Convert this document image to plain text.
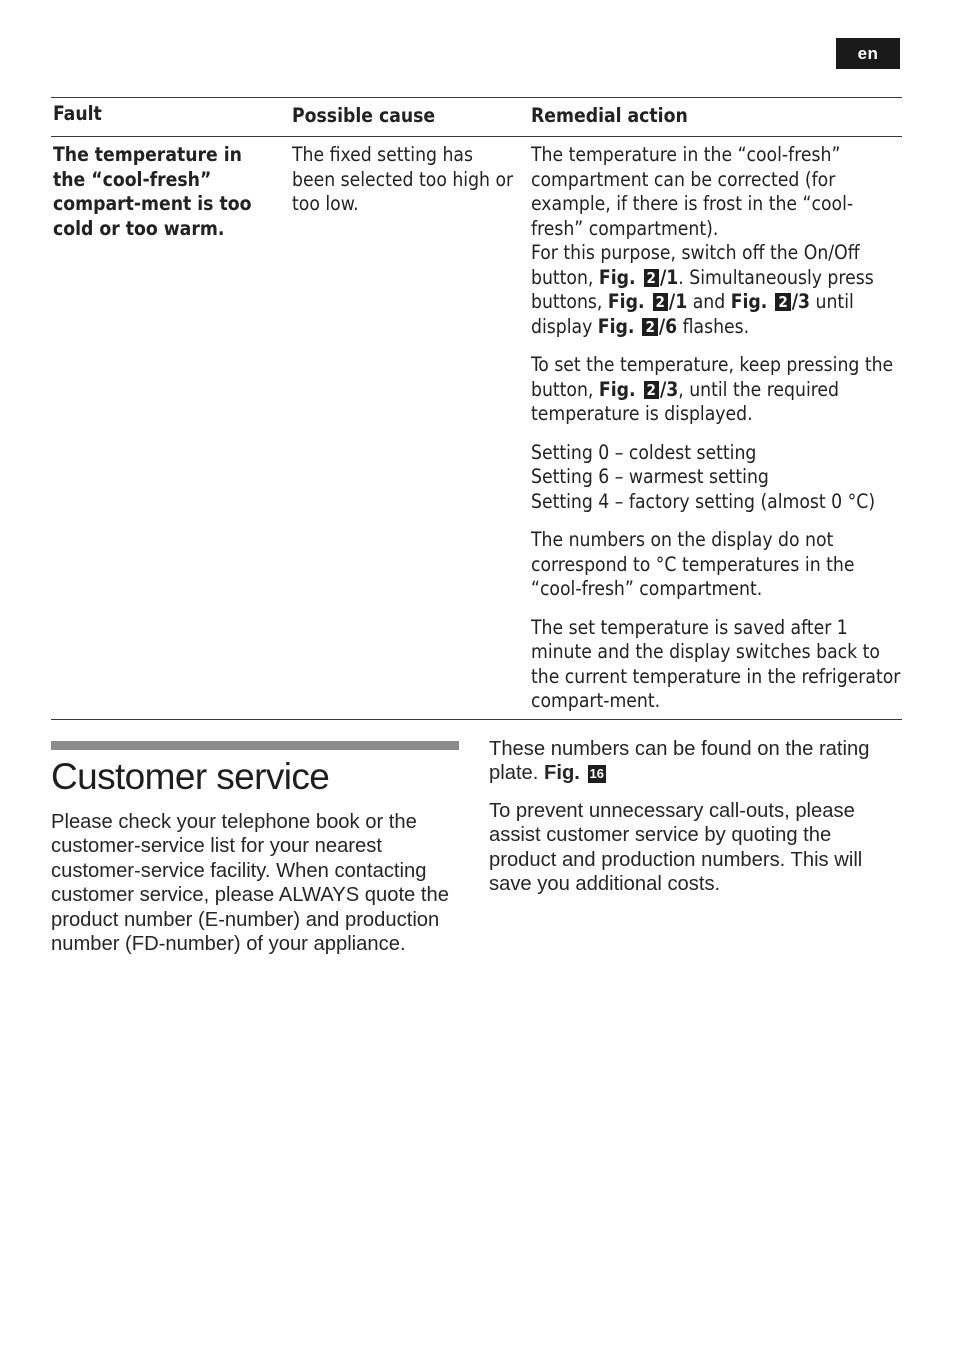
en
Fault	Possible cause	Remedial action
The temperature in the “cool-fresh” compart-ment is too cold or too warm.
The fixed setting has been selected too high or too low.
The temperature in the “cool-fresh” compartment can be corrected (for example, if there is frost in the “cool-fresh” compartment).
For this purpose, switch off the On/Off button, Fig. 2 /1. Simultaneously press buttons, Fig. 2 /1 and Fig. 2 /3 until display Fig. 2 /6 flashes.
To set the temperature, keep pressing the button, Fig. 2 /3, until the required temperature is displayed.
Setting 0 – coldest setting
Setting 6 – warmest setting
Setting 4 – factory setting (almost 0 °C)
The numbers on the display do not correspond to °C temperatures in the “cool-fresh” compartment.
The set temperature is saved after 1 minute and the display switches back to the current temperature in the refrigerator compart-ment.
Customer service

Please check your telephone book or the customer-service list for your nearest customer-service facility. When contacting customer service, please ALWAYS quote the product number (E-number) and production number (FD-number) of your appliance.

These numbers can be found on the rating plate. Fig. 16

To prevent unnecessary call-outs, please assist customer service by quoting the product and production numbers. This will save you additional costs.
